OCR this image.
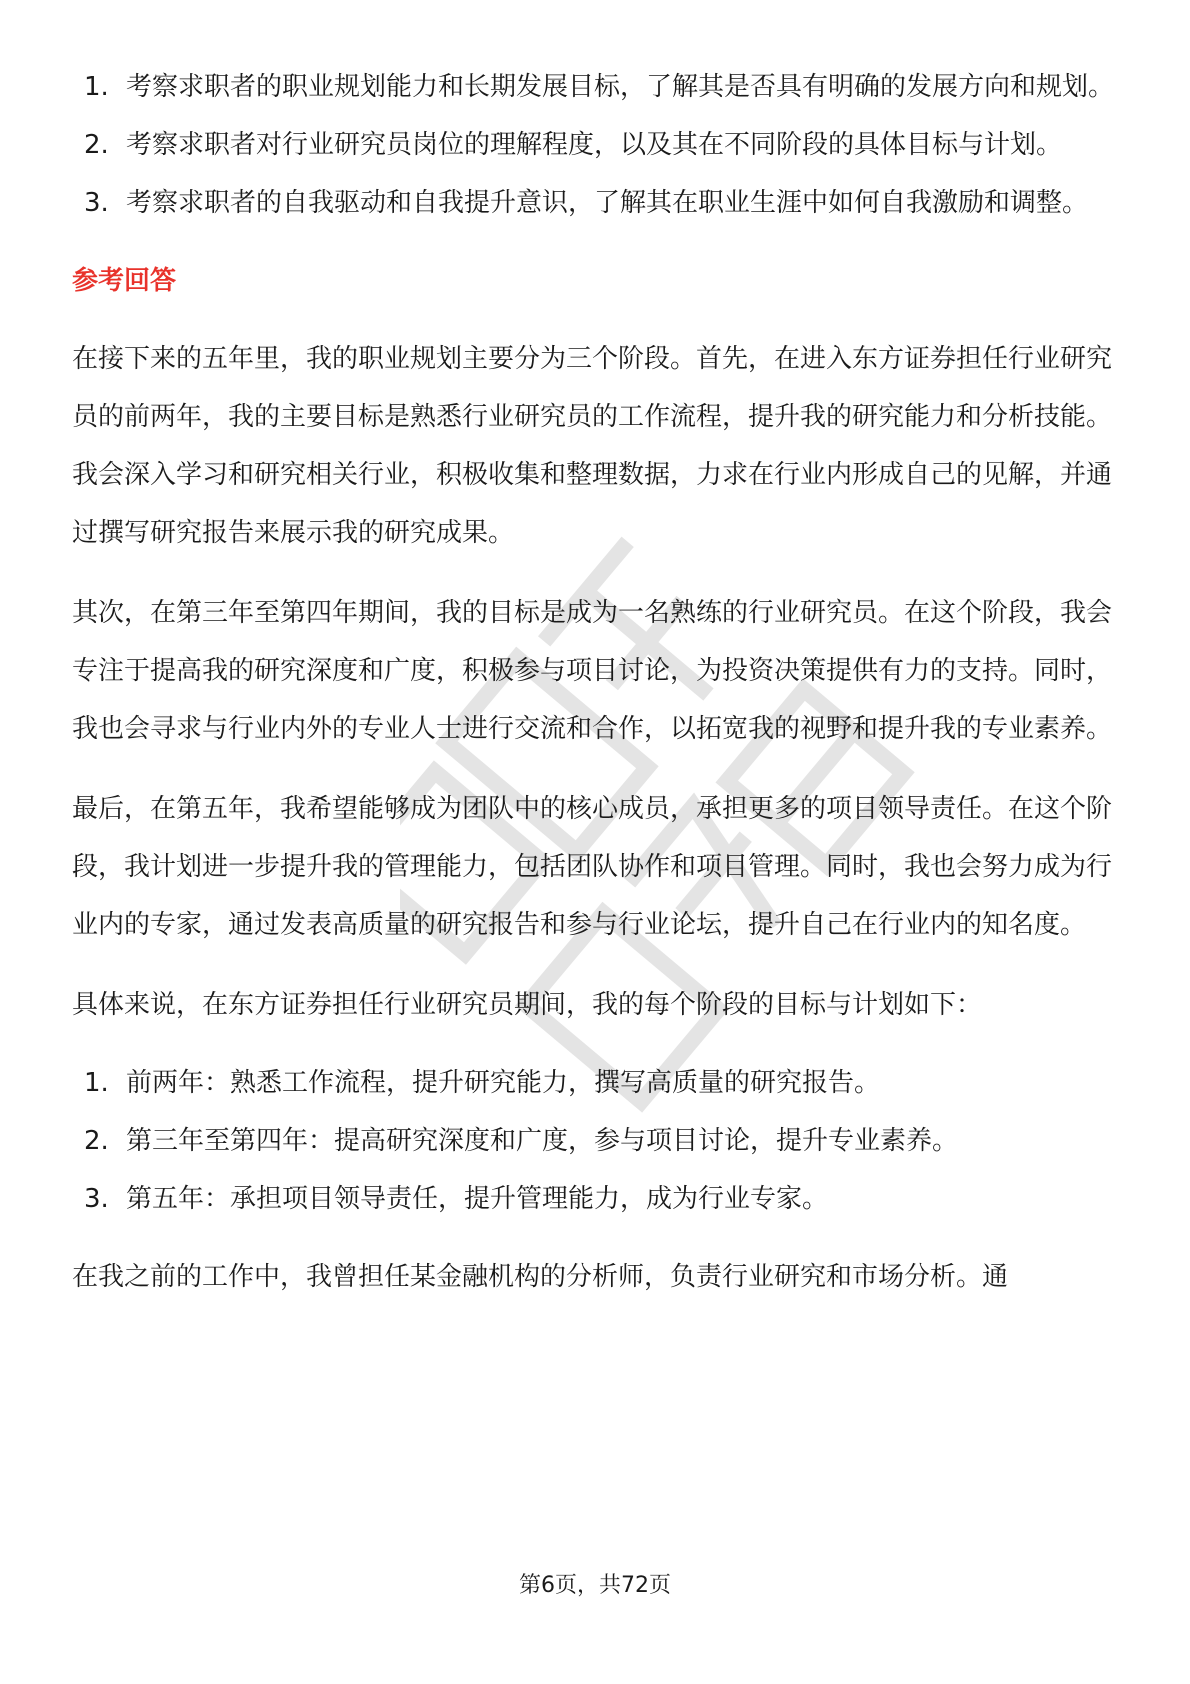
1. 考察求职者的职业规划能力和长期发展目标，了解其是否具有明确的发展方向和规划。
2. 考察求职者对行业研究员岗位的理解程度，以及其在不同阶段的具体目标与计划。
3. 考察求职者的自我驱动和自我提升意识，了解其在职业生涯中如何自我激励和调整。
参考回答

在接下来的五年里，我的职业规划主要分为三个阶段。首先，在进入东方证券担任行业研究员的前两年，我的主要目标是熟悉行业研究员的工作流程，提升我的研究能力和分析技能。我会深入学习和研究相关行业，积极收集和整理数据，力求在行业内形成自己的见解，并通过撰写研究报告来展示我的研究成果。

其次，在第三年至第四年期间，我的目标是成为一名熟练的行业研究员。在这个阶段，我会专注于提高我的研究深度和广度，积极参与项目讨论，为投资决策提供有力的支持。同时，我也会寻求与行业内外的专业人士进行交流和合作，以拓宽我的视野和提升我的专业素养。

最后，在第五年，我希望能够成为团队中的核心成员，承担更多的项目领导责任。在这个阶段，我计划进一步提升我的管理能力，包括团队协作和项目管理。同时，我也会努力成为行业内的专家，通过发表高质量的研究报告和参与行业论坛，提升自己在行业内的知名度。

具体来说，在东方证券担任行业研究员期间，我的每个阶段的目标与计划如下：

1. 前两年：熟悉工作流程，提升研究能力，撰写高质量的研究报告。
2. 第三年至第四年：提高研究深度和广度，参与项目讨论，提升专业素养。
3. 第五年：承担项目领导责任，提升管理能力，成为行业专家。

在我之前的工作中，我曾担任某金融机构的分析师，负责行业研究和市场分析。通

第6页，共72页
